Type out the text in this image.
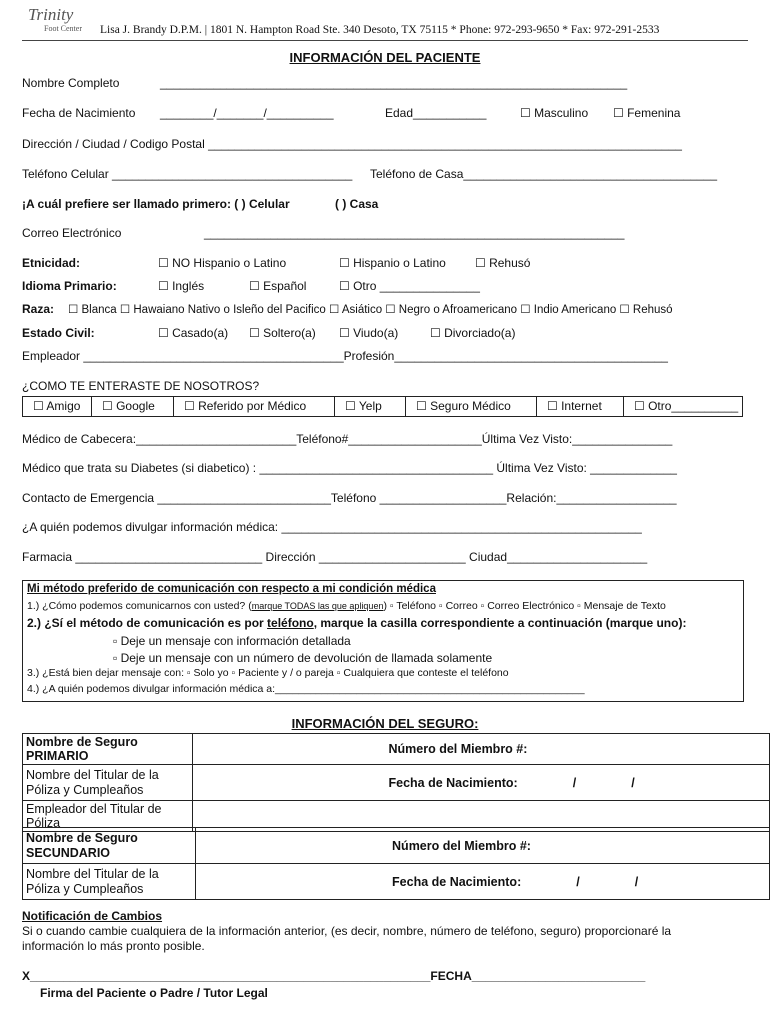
Trinity
Foot Center Lisa J. Brandy D.P.M. | 1801 N. Hampton Road Ste. 340 Desoto, TX 75115 * Phone: 972-293-9650 * Fax: 972-291-2533
INFORMACIÓN DEL PACIENTE
Nombre Completo	______________________________________________________________________
Fecha de Nacimiento ________/_______/__________	Edad___________	☐ Masculino ☐ Femenina
Dirección / Ciudad / Codigo Postal _______________________________________________________________________
Teléfono Celular ____________________________________ Teléfono de Casa______________________________________
¡A cuál prefiere ser llamado primero: ( ) Celular	( ) Casa
Correo Electrónico	_______________________________________________________________
Etnicidad:	☐ NO Hispanio o Latino	☐ Hispanio o Latino ☐ Rehusó
Idioma Primario:	☐ Inglés	☐ Español	☐ Otro _______________
Raza: ☐ Blanca ☐ Hawaiano Nativo o Isleño del Pacifico ☐ Asiático ☐ Negro o Afroamericano ☐ Indio Americano ☐ Rehusó
Estado Civil:	☐ Casado(a) ☐ Soltero(a) ☐ Viudo(a)	☐ Divorciado(a)
Empleador _______________________________________Profesión_________________________________________
¿COMO TE ENTERASTE DE NOSOTROS?
☐ Amigo	☐ Google	☐ Referido por Médico	☐ Yelp	☐ Seguro Médico	☐ Internet	☐ Otro__________
Médico de Cabecera:________________________Teléfono#____________________Última Vez Visto:_______________
Médico que trata su Diabetes (si diabetico) : ___________________________________ Última Vez Visto: _____________
Contacto de Emergencia __________________________Teléfono ___________________Relación:__________________
¿A quién podemos divulgar información médica: ______________________________________________________
Farmacia ____________________________ Dirección ______________________ Ciudad_____________________
Mi método preferido de comunicación con respecto a mi condición médica
1.) ¿Cómo podemos comunicarnos con usted? (marque TODAS las que apliquen) ▫ Teléfono ▫ Correo ▫ Correo Electrónico ▫ Mensaje de Texto
2.) ¿Sí el método de comunicación es por teléfono, marque la casilla correspondiente a continuación (marque uno):
▫ Deje un mensaje con información detallada
▫ Deje un mensaje con un número de devolución de llamada solamente
3.) ¿Está bien dejar mensaje con: ▫ Solo yo ▫ Paciente y / o pareja ▫ Cualquiera que conteste el teléfono
4.) ¿A quién podemos divulgar información médica a:_____________________________________________________
INFORMACIÓN DEL SEGURO:
Nombre de Seguro PRIMARIO	Número del Miembro #:
Nombre del Titular de la Póliza y Cumpleaños	Fecha de Nacimiento: / /
Empleador del Titular de Póliza	
Nombre de Seguro SECUNDARIO	Número del Miembro #:
Nombre del Titular de la Póliza y Cumpleaños	Fecha de Nacimiento: / /
Notificación de Cambios
Si o cuando cambie cualquiera de la información anterior, (es decir, nombre, número de teléfono, seguro) proporcionaré la información lo más pronto posible.
X____________________________________________________________FECHA__________________________
Firma del Paciente o Padre / Tutor Legal
